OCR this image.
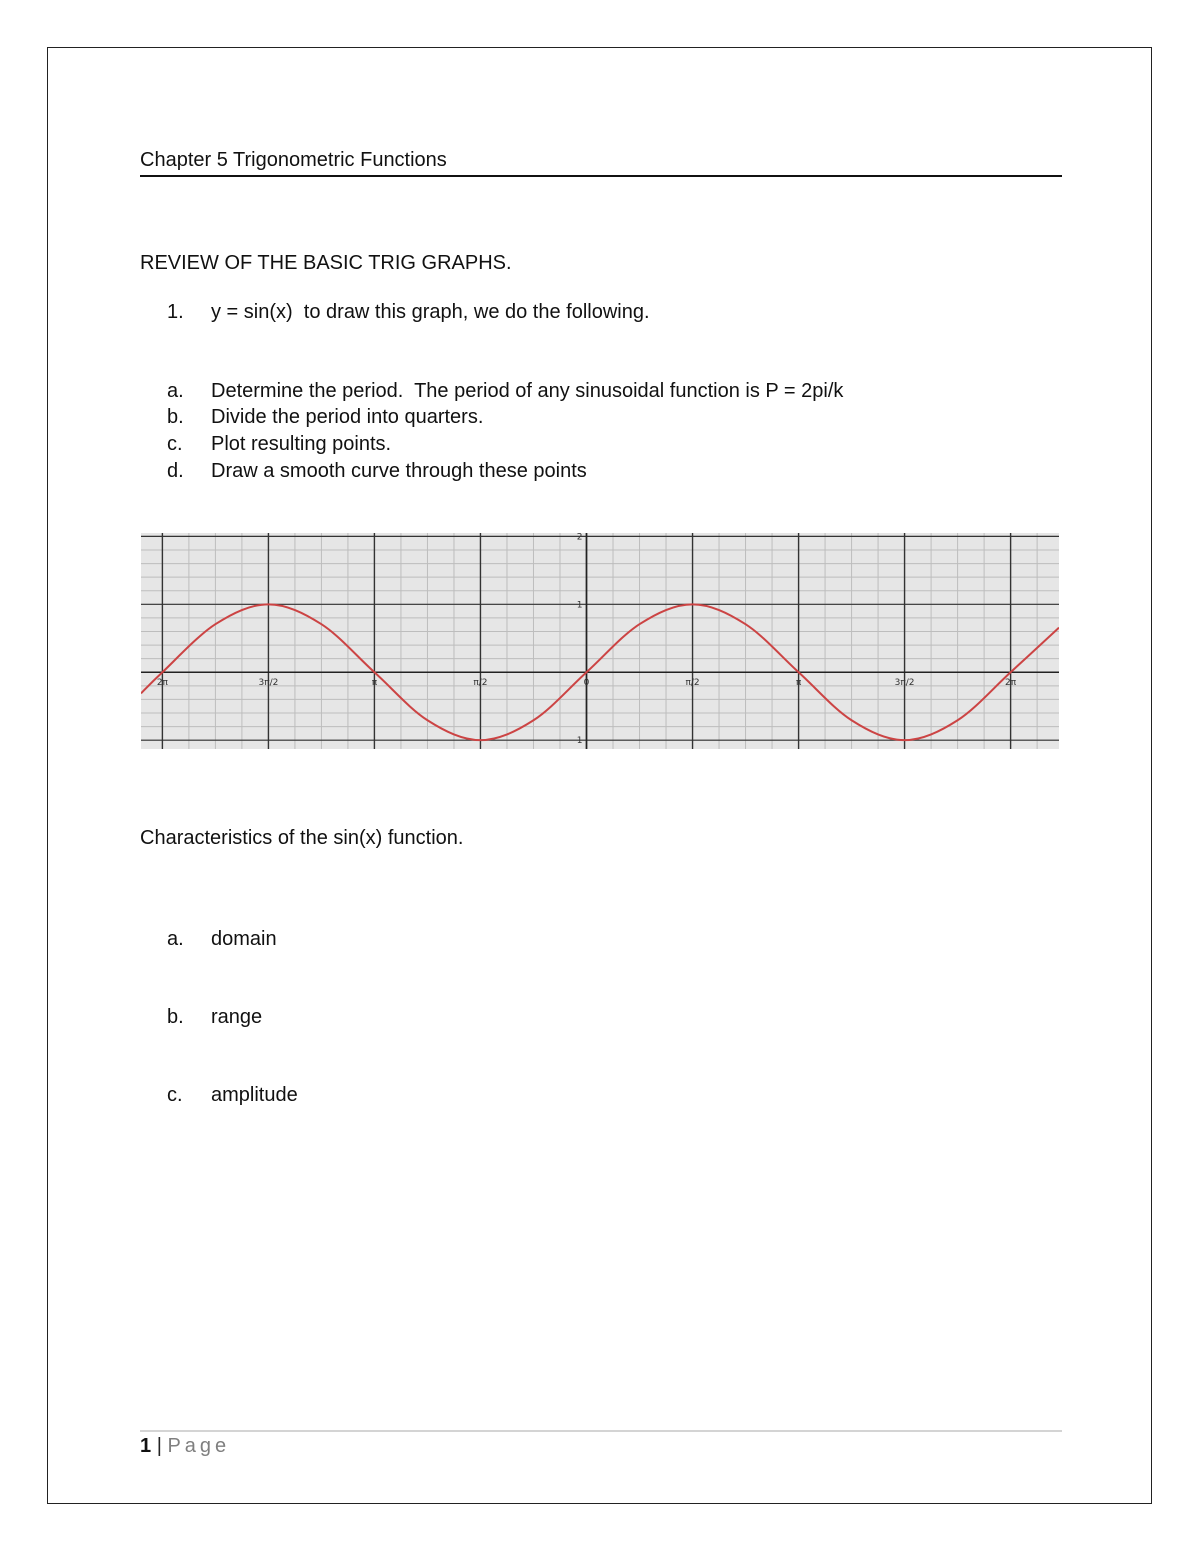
Chapter 5 Trigonometric Functions
REVIEW OF THE BASIC TRIG GRAPHS.
1. y = sin(x)  to draw this graph, we do the following.
a. Determine the period.  The period of any sinusoidal function is P = 2pi/k
b. Divide the period into quarters.
c. Plot resulting points.
d. Draw a smooth curve through these points
2π	3π/2	π	π/2	0	π/2	π	3π/2	2π
2
1
1
Characteristics of the sin(x) function.
a. domain
b. range
c. amplitude
1 | Page
